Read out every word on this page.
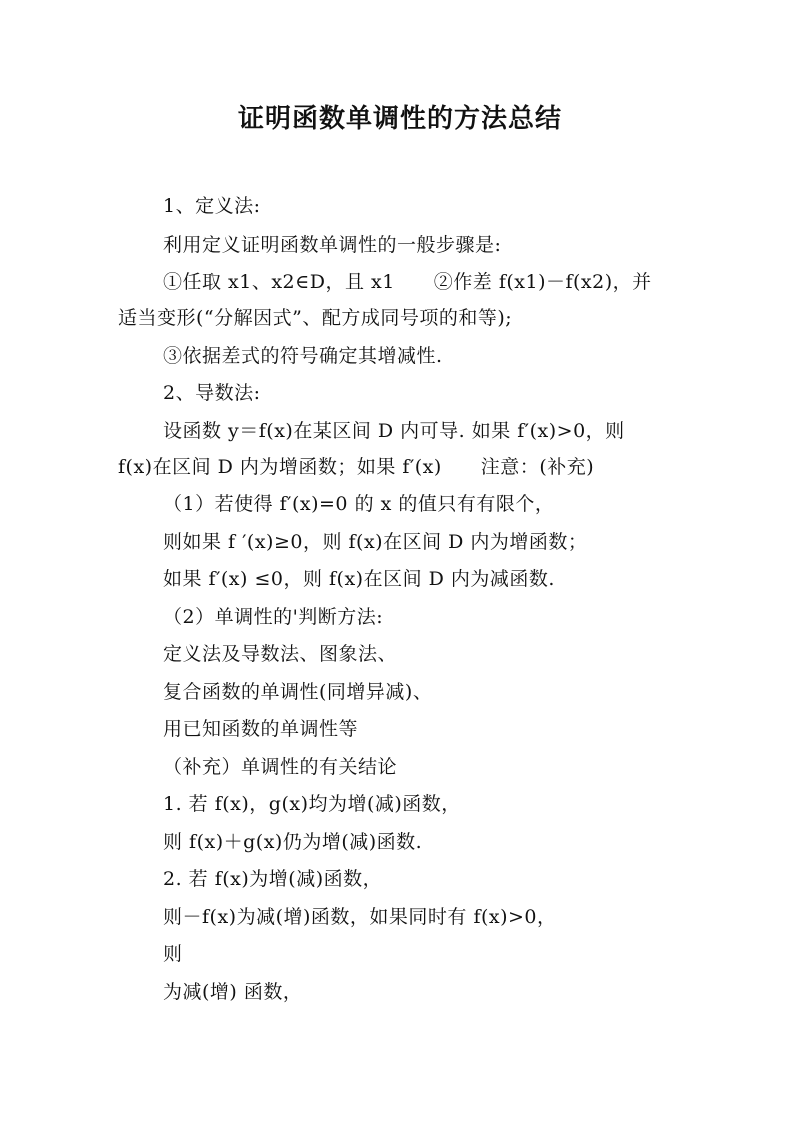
证明函数单调性的方法总结
1、定义法:
利用定义证明函数单调性的一般步骤是:
①任取 x1、x2∈D，且 x1　　②作差 f(x1)－f(x2)，并
适当变形(“分解因式”、配方成同号项的和等);
③依据差式的符号确定其增减性.
2、导数法:
设函数 y＝f(x)在某区间 D 内可导. 如果 f′(x)>0，则
f(x)在区间 D 内为增函数；如果 f′(x)　　注意：(补充)
（1）若使得 f′(x)=0 的 x 的值只有有限个，
则如果 f ′(x)≥0，则 f(x)在区间 D 内为增函数；
如果 f′(x) ≤0，则 f(x)在区间 D 内为减函数.
（2）单调性的'判断方法:
定义法及导数法、图象法、
复合函数的单调性(同增异减)、
用已知函数的单调性等
（补充）单调性的有关结论
1. 若 f(x)，g(x)均为增(减)函数，
则 f(x)＋g(x)仍为增(减)函数.
2. 若 f(x)为增(减)函数，
则－f(x)为减(增)函数，如果同时有 f(x)>0，
则
为减(增) 函数，
